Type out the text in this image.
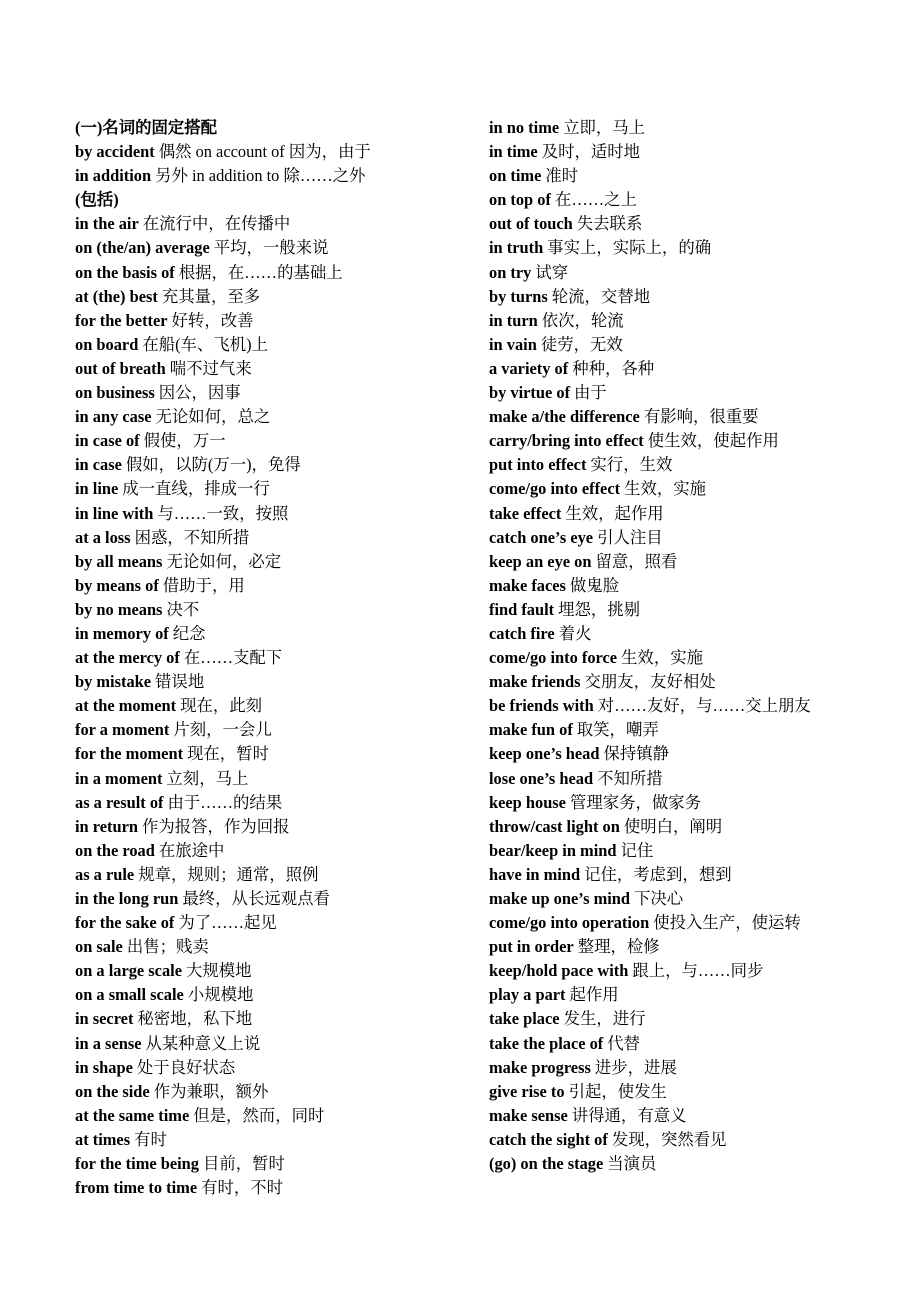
(一)名词的固定搭配
by accident 偶然 on account of 因为，由于
in addition 另外 in addition to 除……之外
(包括)
in the air 在流行中，在传播中
on (the/an) average 平均，一般来说
on the basis of 根据，在……的基础上
at (the) best 充其量，至多
for the better 好转，改善
on board 在船(车、飞机)上
out of breath 喘不过气来
on business 因公，因事
in any case 无论如何，总之
in case of 假使，万一
in case 假如，以防(万一)，免得
in line 成一直线，排成一行
in line with 与……一致，按照
at a loss 困惑，不知所措
by all means 无论如何，必定
by means of 借助于，用
by no means 决不
in memory of 纪念
at the mercy of 在……支配下
by mistake 错误地
at the moment 现在，此刻
for a moment 片刻，一会儿
for the moment 现在，暂时
in a moment 立刻，马上
as a result of 由于……的结果
in return 作为报答，作为回报
on the road 在旅途中
as a rule 规章，规则；通常，照例
in the long run 最终，从长远观点看
for the sake of 为了……起见
on sale 出售；贱卖
on a large scale 大规模地
on a small scale 小规模地
in secret 秘密地，私下地
in a sense 从某种意义上说
in shape 处于良好状态
on the side 作为兼职，额外
at the same time 但是，然而，同时
at times 有时
for the time being 目前，暂时
from time to time 有时，不时
in no time 立即，马上
in time 及时，适时地
on time 准时
on top of 在……之上
out of touch 失去联系
in truth 事实上，实际上，的确
on try 试穿
by turns 轮流，交替地
in turn 依次，轮流
in vain 徒劳，无效
a variety of 种种，各种
by virtue of 由于
make a/the difference 有影响，很重要
carry/bring into effect 使生效，使起作用
put into effect 实行，生效
come/go into effect 生效，实施
take effect 生效，起作用
catch one’s eye 引人注目
keep an eye on 留意，照看
make faces 做鬼脸
find fault 埋怨，挑剔
catch fire 着火
come/go into force 生效，实施
make friends 交朋友，友好相处
be friends with 对……友好，与……交上朋友
make fun of 取笑，嘲弄
keep one’s head 保持镇静
lose one’s head 不知所措
keep house 管理家务，做家务
throw/cast light on 使明白，阐明
bear/keep in mind 记住
have in mind 记住，考虑到，想到
make up one’s mind 下决心
come/go into operation 使投入生产，使运转
put in order 整理，检修
keep/hold pace with 跟上，与……同步
play a part 起作用
take place 发生，进行
take the place of 代替
make progress 进步，进展
give rise to 引起，使发生
make sense 讲得通，有意义
catch the sight of 发现，突然看见
(go) on the stage 当演员
